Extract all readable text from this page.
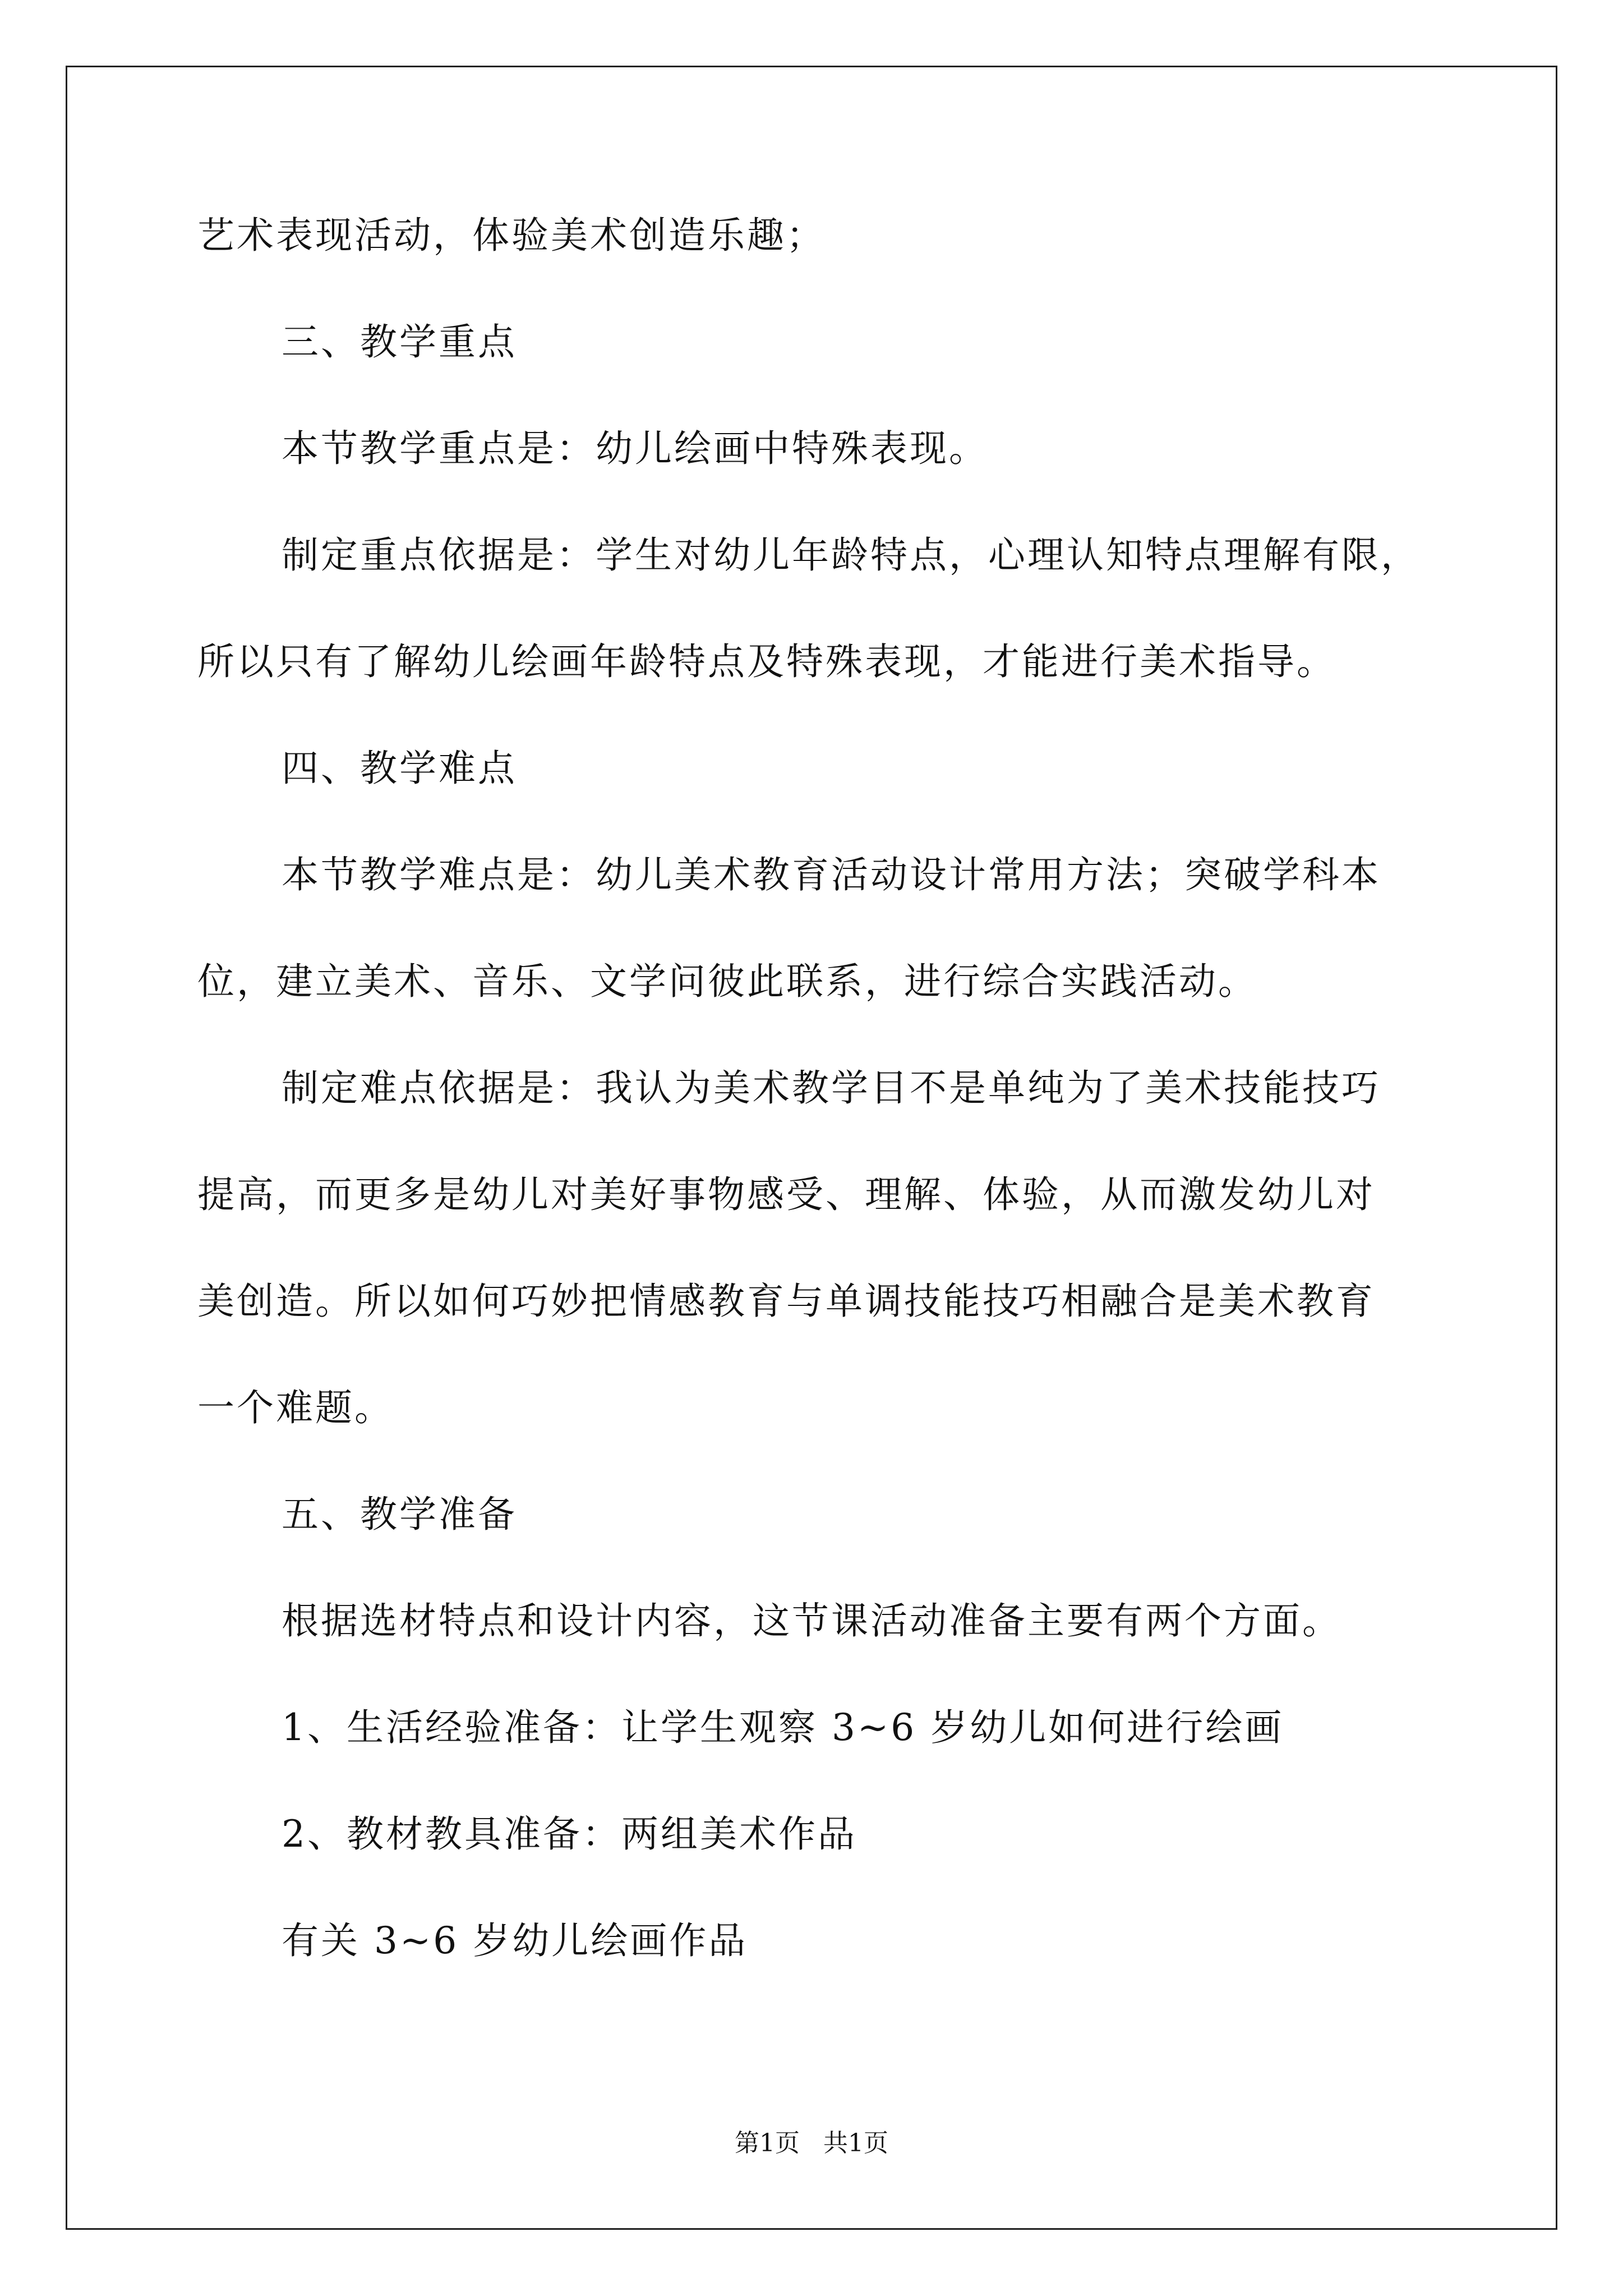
艺术表现活动，体验美术创造乐趣；
三、教学重点
本节教学重点是：幼儿绘画中特殊表现。
制定重点依据是：学生对幼儿年龄特点，心理认知特点理解有限，
所以只有了解幼儿绘画年龄特点及特殊表现，才能进行美术指导。
四、教学难点
本节教学难点是：幼儿美术教育活动设计常用方法；突破学科本
位，建立美术、音乐、文学问彼此联系，进行综合实践活动。
制定难点依据是：我认为美术教学目不是单纯为了美术技能技巧
提高，而更多是幼儿对美好事物感受、理解、体验，从而激发幼儿对
美创造。所以如何巧妙把情感教育与单调技能技巧相融合是美术教育
一个难题。
五、教学准备
根据选材特点和设计内容，这节课活动准备主要有两个方面。
1、生活经验准备：让学生观察 3~6 岁幼儿如何进行绘画
2、教材教具准备：两组美术作品
有关 3~6 岁幼儿绘画作品
第1页   共1页
